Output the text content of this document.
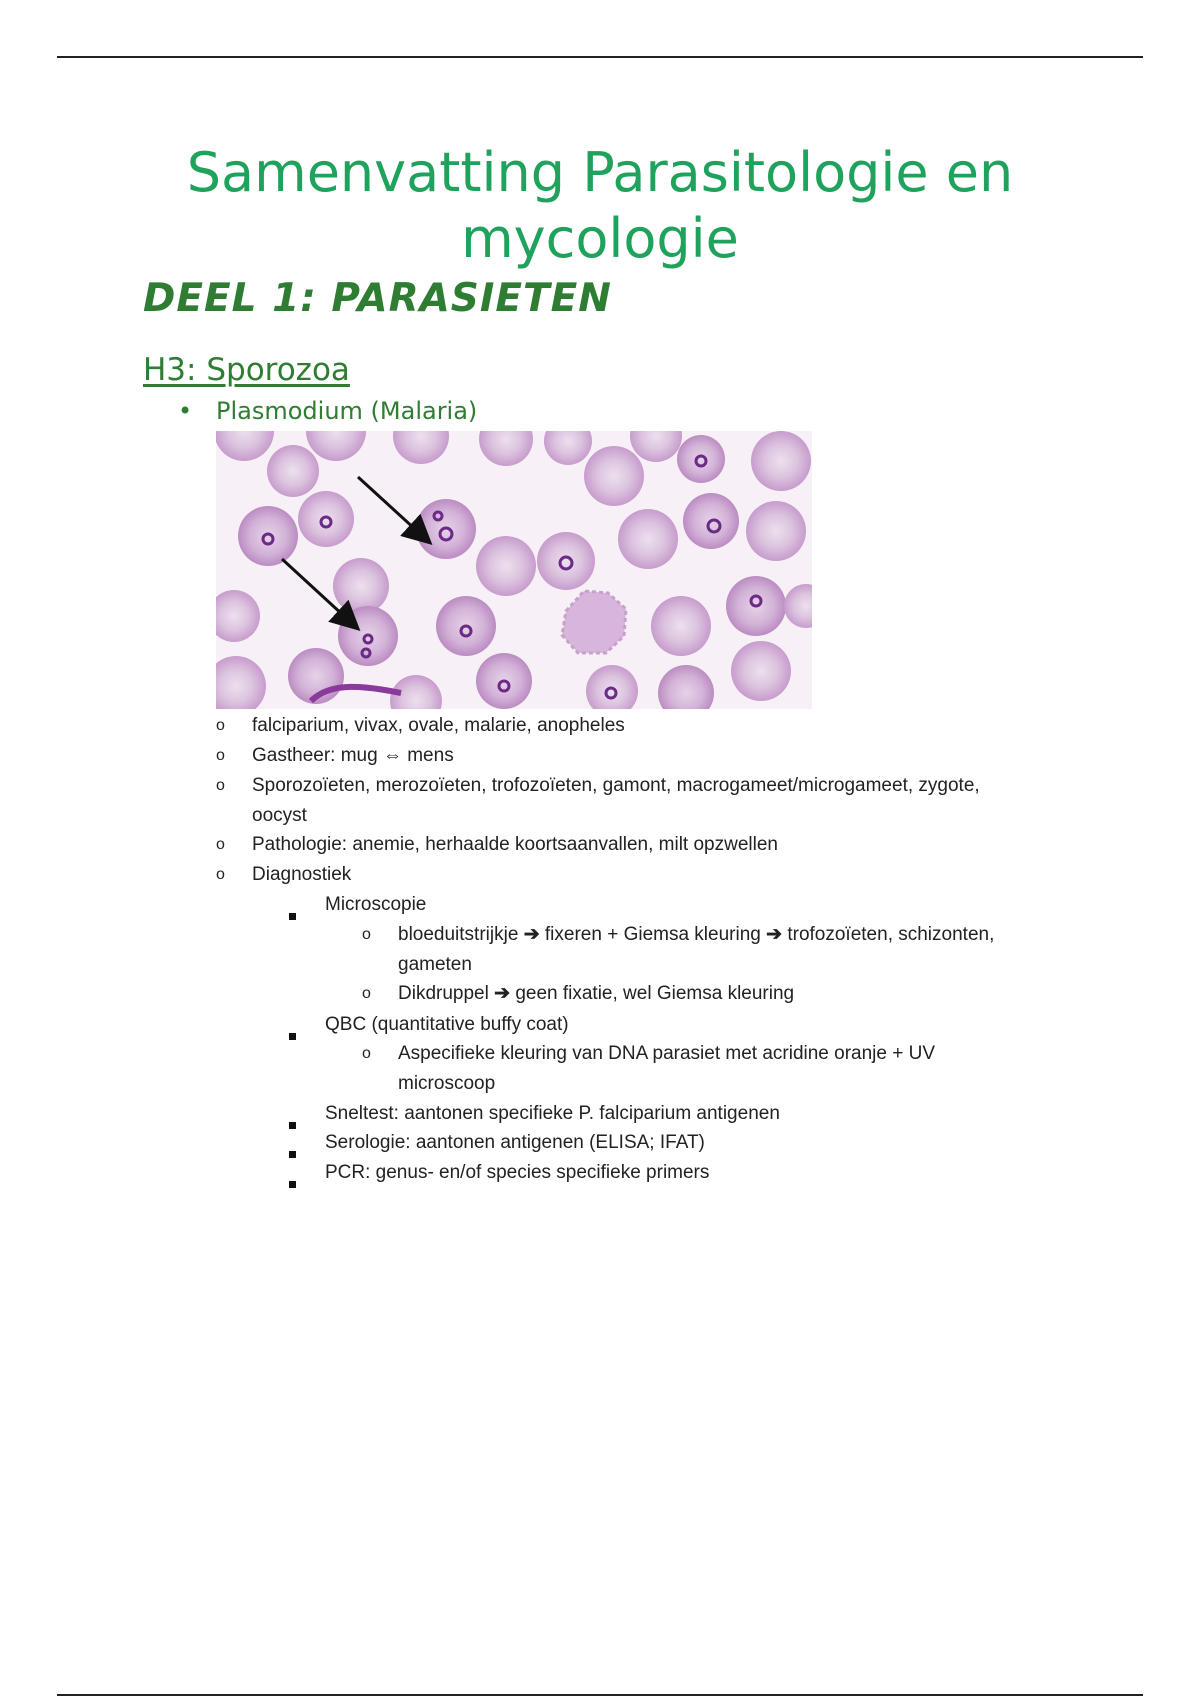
Samenvatting Parasitologie en
mycologie
DEEL 1: PARASIETEN
H3: Sporozoa
• Plasmodium (Malaria)
o falciparium, vivax, ovale, malarie, anopheles
o Gastheer: mug ⇔ mens
o Sporozoïeten, merozoïeten, trofozoïeten, gamont, macrogameet/microgameet, zygote,
oocyst
o Pathologie: anemie, herhaalde koortsaanvallen, milt opzwellen
o Diagnostiek
Microscopie
o bloeduitstrijkje ➔ fixeren + Giemsa kleuring ➔ trofozoïeten, schizonten,
gameten
o Dikdruppel ➔ geen fixatie, wel Giemsa kleuring
QBC (quantitative buffy coat)
o Aspecifieke kleuring van DNA parasiet met acridine oranje + UV
microscoop
Sneltest: aantonen specifieke P. falciparium antigenen
Serologie: aantonen antigenen (ELISA; IFAT)
PCR: genus- en/of species specifieke primers
